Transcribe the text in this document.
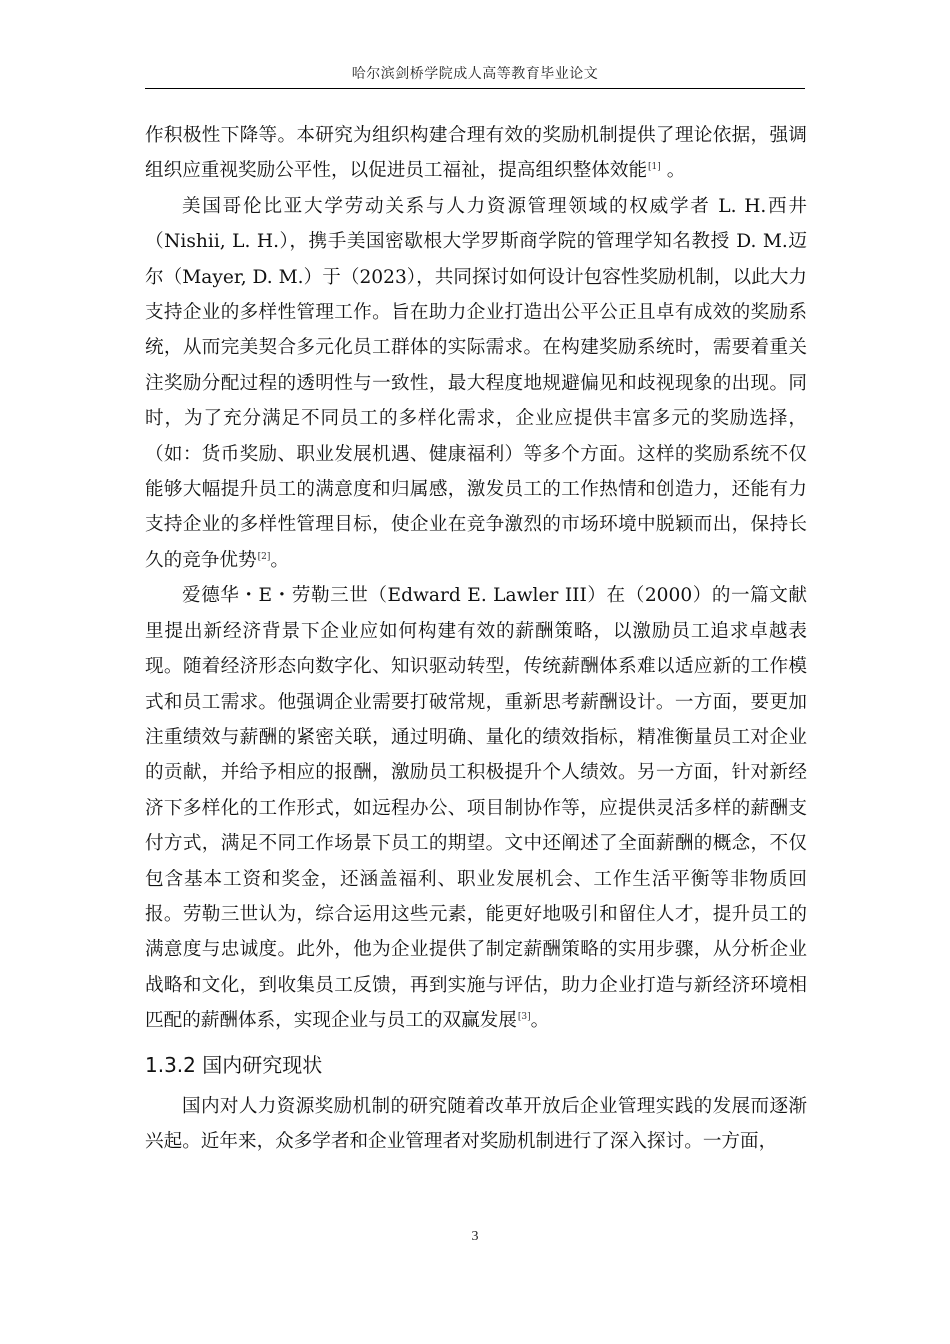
哈尔滨剑桥学院成人高等教育毕业论文

作积极性下降等。本研究为组织构建合理有效的奖励机制提供了理论依据，强调组织应重视奖励公平性，以促进员工福祉，提高组织整体效能[1] 。

美国哥伦比亚大学劳动关系与人力资源管理领域的权威学者 L. H.西井（Nishii, L. H.），携手美国密歇根大学罗斯商学院的管理学知名教授 D. M.迈尔（Mayer, D. M.）于（2023），共同探讨如何设计包容性奖励机制，以此大力支持企业的多样性管理工作。旨在助力企业打造出公平公正且卓有成效的奖励系统，从而完美契合多元化员工群体的实际需求。在构建奖励系统时，需要着重关注奖励分配过程的透明性与一致性，最大程度地规避偏见和歧视现象的出现。同时，为了充分满足不同员工的多样化需求，企业应提供丰富多元的奖励选择，（如：货币奖励、职业发展机遇、健康福利）等多个方面。这样的奖励系统不仅能够大幅提升员工的满意度和归属感，激发员工的工作热情和创造力，还能有力支持企业的多样性管理目标，使企业在竞争激烈的市场环境中脱颖而出，保持长久的竞争优势[2]。

爱德华・E・劳勒三世（Edward E. Lawler III）在（2000）的一篇文献里提出新经济背景下企业应如何构建有效的薪酬策略，以激励员工追求卓越表现。随着经济形态向数字化、知识驱动转型，传统薪酬体系难以适应新的工作模式和员工需求。他强调企业需要打破常规，重新思考薪酬设计。一方面，要更加注重绩效与薪酬的紧密关联，通过明确、量化的绩效指标，精准衡量员工对企业的贡献，并给予相应的报酬，激励员工积极提升个人绩效。另一方面，针对新经济下多样化的工作形式，如远程办公、项目制协作等，应提供灵活多样的薪酬支付方式，满足不同工作场景下员工的期望。文中还阐述了全面薪酬的概念，不仅包含基本工资和奖金，还涵盖福利、职业发展机会、工作生活平衡等非物质回报。劳勒三世认为，综合运用这些元素，能更好地吸引和留住人才，提升员工的满意度与忠诚度。此外，他为企业提供了制定薪酬策略的实用步骤，从分析企业战略和文化，到收集员工反馈，再到实施与评估，助力企业打造与新经济环境相匹配的薪酬体系，实现企业与员工的双赢发展[3]。

1.3.2 国内研究现状

国内对人力资源奖励机制的研究随着改革开放后企业管理实践的发展而逐渐兴起。近年来，众多学者和企业管理者对奖励机制进行了深入探讨。一方面，

3
